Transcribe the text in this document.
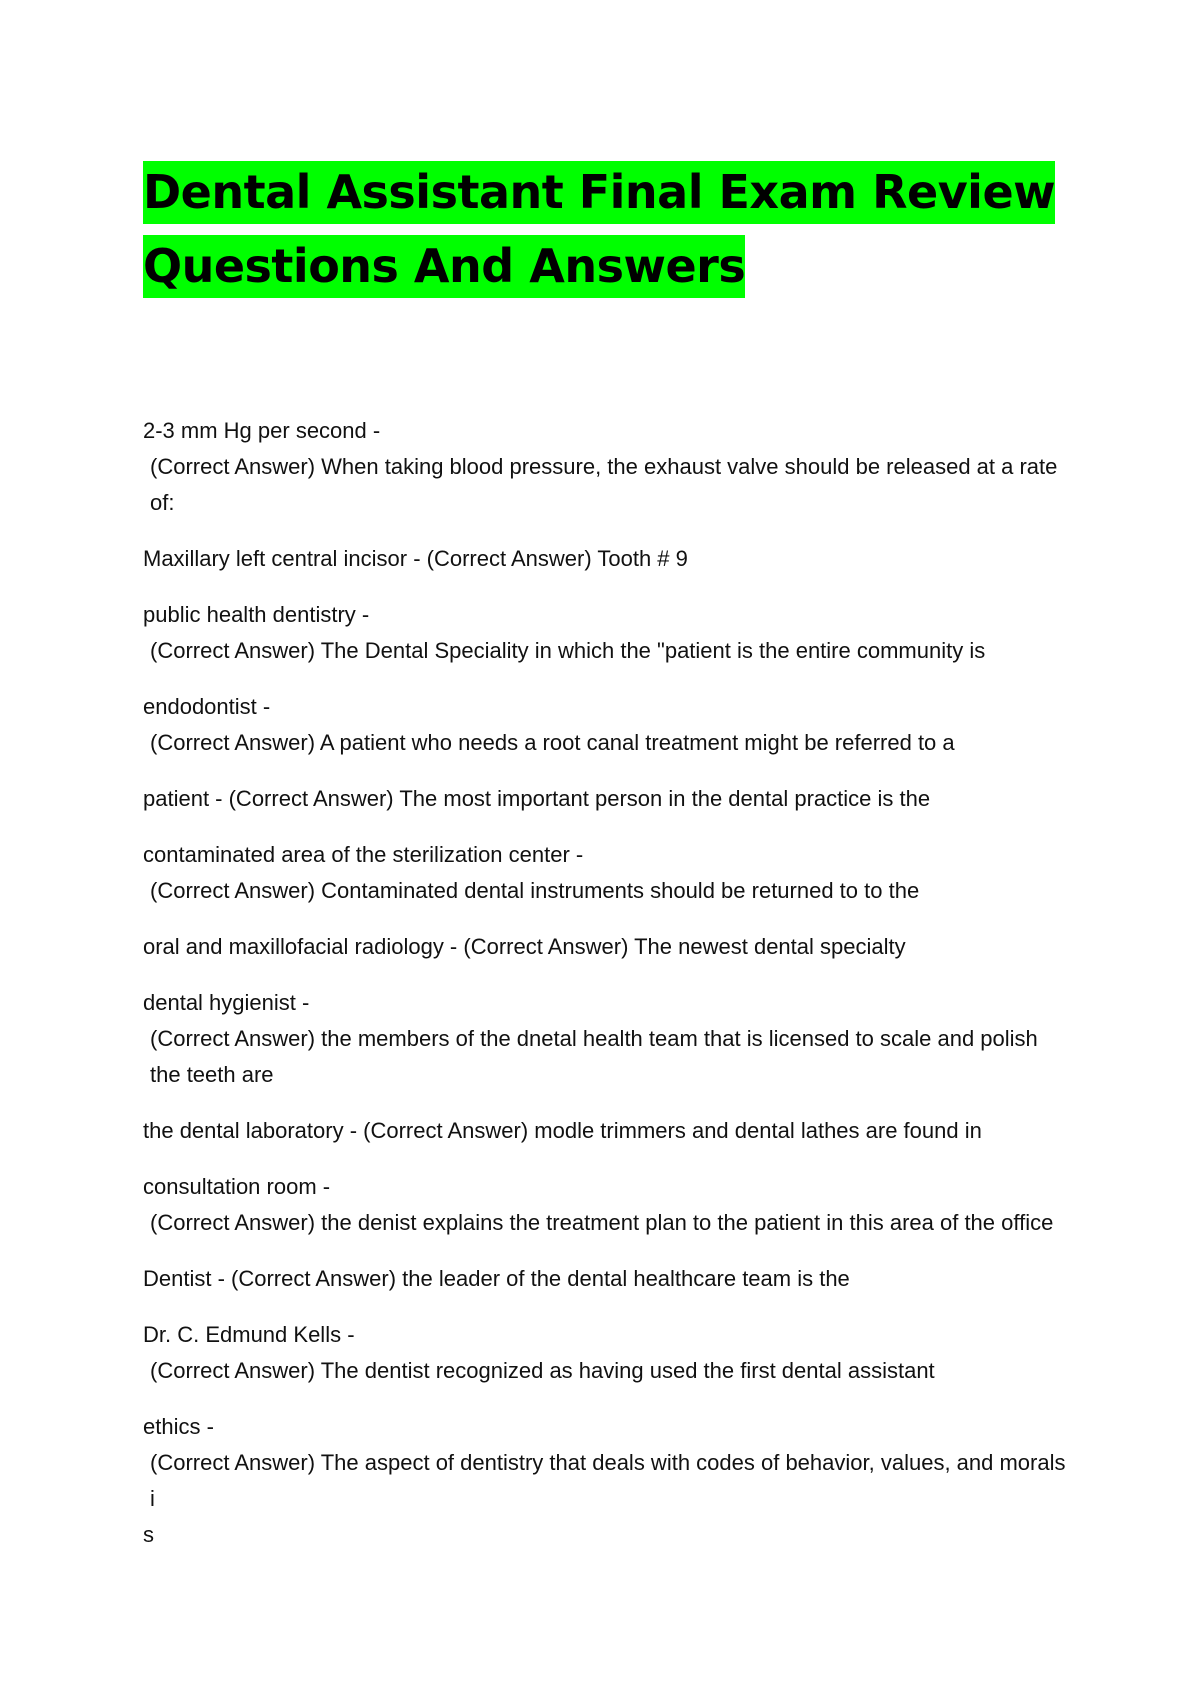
Dental Assistant Final Exam Review
Questions And Answers
2-3 mm Hg per second -
(Correct Answer) When taking blood pressure, the exhaust valve should be released at a rate of:
Maxillary left central incisor - (Correct Answer) Tooth # 9
public health dentistry -
(Correct Answer) The Dental Speciality in which the "patient is the entire community is
endodontist -
(Correct Answer) A patient who needs a root canal treatment might be referred to a
patient - (Correct Answer) The most important person in the dental practice is the
contaminated area of the sterilization center -
(Correct Answer) Contaminated dental instruments should be returned to to the
oral and maxillofacial radiology - (Correct Answer) The newest dental specialty
dental hygienist -
(Correct Answer) the members of the dnetal health team that is licensed to scale and polish the teeth are
the dental laboratory - (Correct Answer) modle trimmers and dental lathes are found in
consultation room -
(Correct Answer) the denist explains the treatment plan to the patient in this area of the office
Dentist - (Correct Answer) the leader of the dental healthcare team is the
Dr. C. Edmund Kells -
(Correct Answer) The dentist recognized as having used the first dental assistant
ethics -
(Correct Answer) The aspect of dentistry that deals with codes of behavior, values, and morals i
s
